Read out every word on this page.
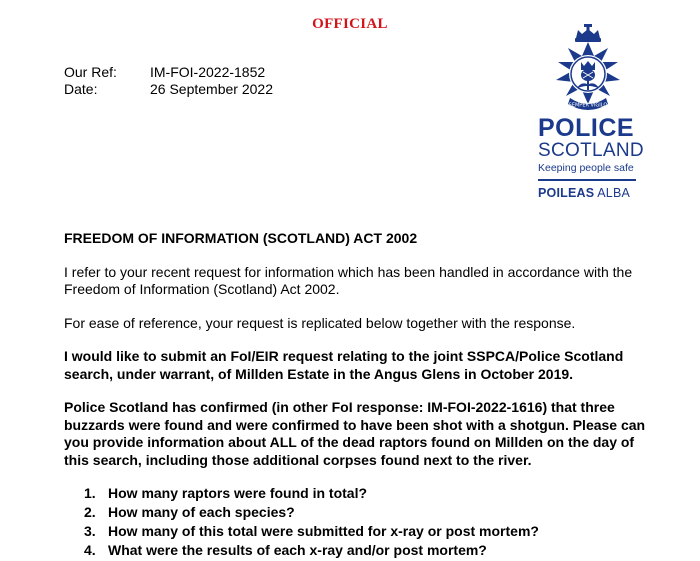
OFFICIAL
Our Ref:	IM-FOI-2022-1852
Date:	26 September 2022
SEMPER VIGILO
POLICE
SCOTLAND
Keeping people safe
POILEAS ALBA
FREEDOM OF INFORMATION (SCOTLAND) ACT 2002

I refer to your recent request for information which has been handled in accordance with the Freedom of Information (Scotland) Act 2002.

For ease of reference, your request is replicated below together with the response.

I would like to submit an FoI/EIR request relating to the joint SSPCA/Police Scotland search, under warrant, of Millden Estate in the Angus Glens in October 2019.

Police Scotland has confirmed (in other FoI response: IM-FOI-2022-1616) that three buzzards were found and were confirmed to have been shot with a shotgun. Please can you provide information about ALL of the dead raptors found on Millden on the day of this search, including those additional corpses found next to the river.

1. How many raptors were found in total?
2. How many of each species?
3. How many of this total were submitted for x-ray or post mortem?
4. What were the results of each x-ray and/or post mortem?
